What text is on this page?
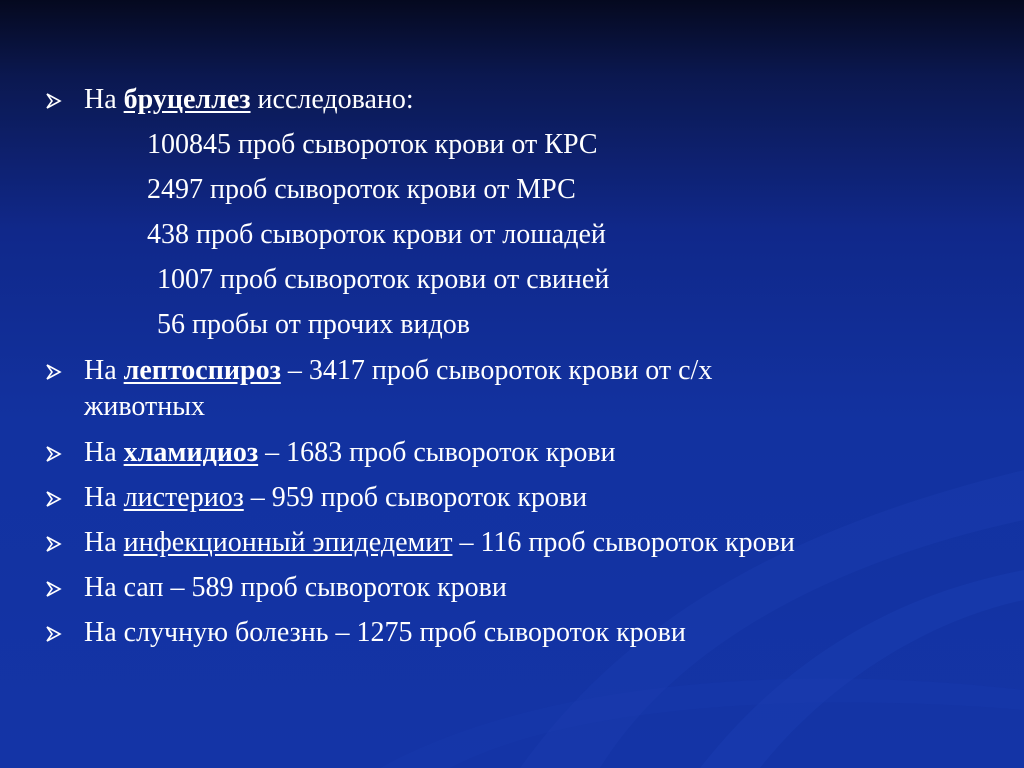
На бруцеллез исследовано:
100845 проб сывороток крови от КРС
2497 проб сывороток крови от МРС
438 проб сывороток крови от лошадей
1007 проб сывороток крови от свиней
56 пробы от прочих видов
На лептоспироз – 3417 проб сывороток крови от с/х
животных
На хламидиоз – 1683 проб сывороток крови
На листериоз – 959 проб сывороток крови
На инфекционный эпидедемит – 116 проб сывороток крови
На сап – 589 проб сывороток крови
На случную болезнь – 1275 проб сывороток крови
